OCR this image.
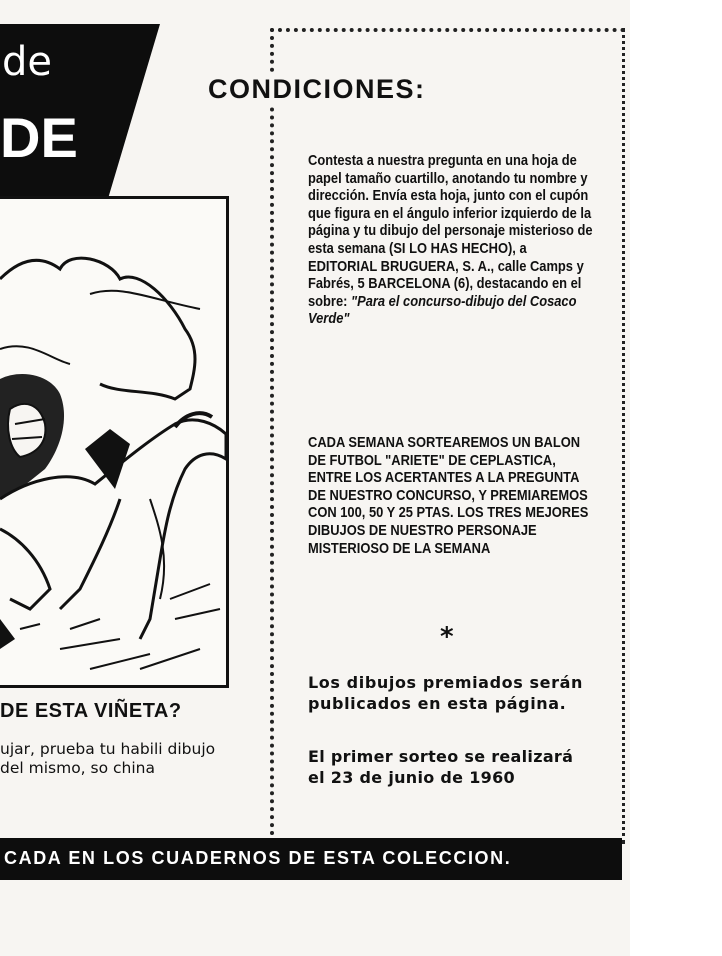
de
DE
DE ESTA VIÑETA?
ujar, prueba tu habili dibujo del mismo, so china
CONDICIONES:
Contesta a nuestra pregunta en una hoja de papel tamaño cuartillo, anotando tu nombre y dirección. Envía esta hoja, junto con el cupón que figura en el ángulo inferior izquierdo de la página y tu dibujo del personaje misterioso de esta semana (SI LO HAS HECHO), a EDITORIAL BRUGUERA, S. A., calle Camps y Fabrés, 5 BARCELONA (6), destacando en el sobre: "Para el concurso-dibujo del Cosaco Verde"
CADA SEMANA SORTEAREMOS UN BALON DE FUTBOL "ARIETE" DE CEPLASTICA, ENTRE LOS ACERTANTES A LA PREGUNTA DE NUESTRO CONCURSO, Y PREMIAREMOS CON 100, 50 Y 25 PTAS. LOS TRES MEJORES DIBUJOS DE NUESTRO PERSONAJE MISTERIOSO DE LA SEMANA
*
Los dibujos premiados serán publicados en esta página.
El primer sorteo se realizará el 23 de junio de 1960
CADA EN LOS CUADERNOS DE ESTA COLECCION.
